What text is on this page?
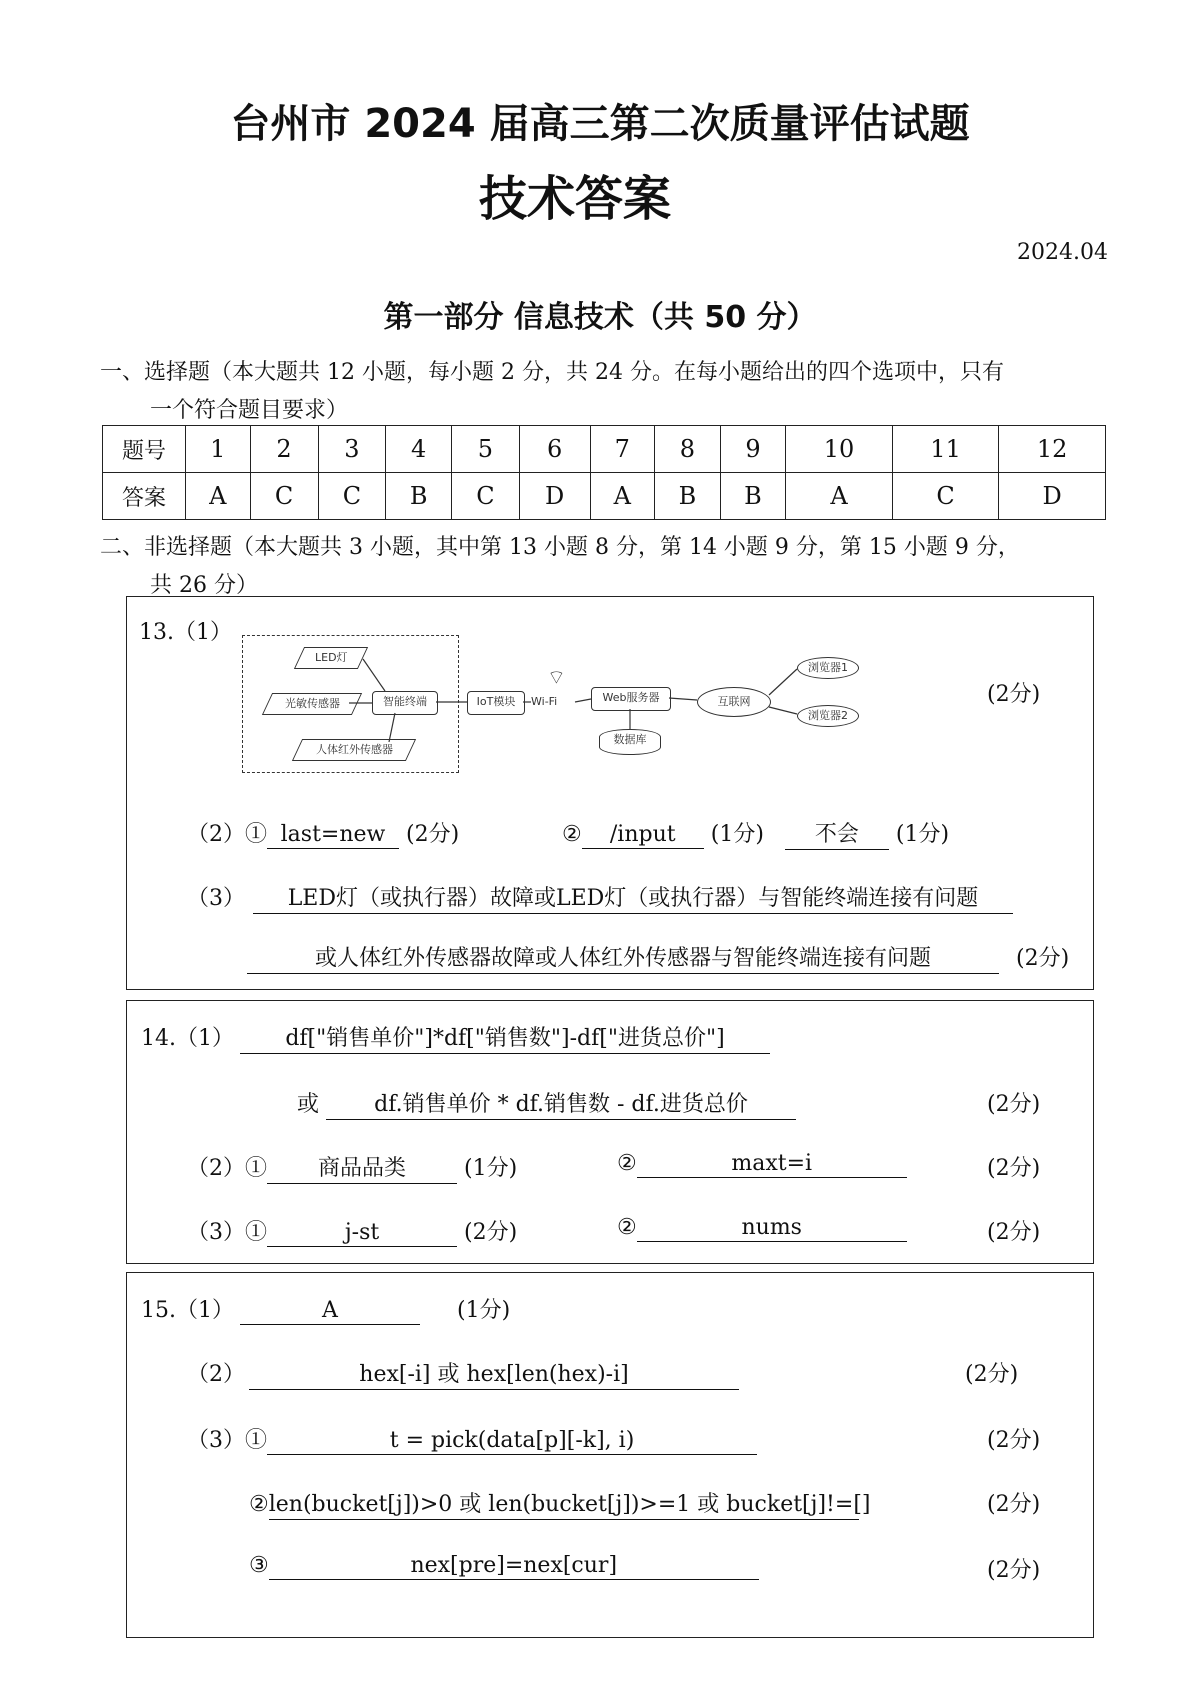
台州市 2024 届高三第二次质量评估试题
技术答案
2024.04
第一部分 信息技术（共 50 分）
一、选择题（本大题共 12 小题，每小题 2 分，共 24 分。在每小题给出的四个选项中，只有
一个符合题目要求）
题号	1	2	3	4	5	6	7	8	9	10	11	12
答案	A	C	C	B	C	D	A	B	B	A	C	D
二、非选择题（本大题共 3 小题，其中第 13 小题 8 分，第 14 小题 9 分，第 15 小题 9 分，
共 26 分）
13.（1）
LED灯
光敏传感器	智能终端
人体红外传感器
IoT模块	Wi-Fi
⌔
Web服务器
数据库
互联网
浏览器1
浏览器2
(2分)
（2）① last=new (2分)	② /input (1分) 不会 (1分)
（3） LED灯（或执行器）故障或LED灯（或执行器）与智能终端连接有问题
或人体红外传感器故障或人体红外传感器与智能终端连接有问题	(2分)
14.（1） df["销售单价"]*df["销售数"]-df["进货总价"]
或	df.销售单价 * df.销售数 - df.进货总价	(2分)
（2）① 商品品类	(1分)	②	maxt=i	(2分)
（3）①	j-st	(2分)	②	nums	(2分)
15.（1）	A	(1分)
（2）	hex[-i] 或 hex[len(hex)-i]	(2分)
（3）①	t = pick(data[p][-k], i)	(2分)
②len(bucket[j])>0 或 len(bucket[j])>=1 或 bucket[j]!=[]	(2分)
③	nex[pre]=nex[cur]	(2分)
